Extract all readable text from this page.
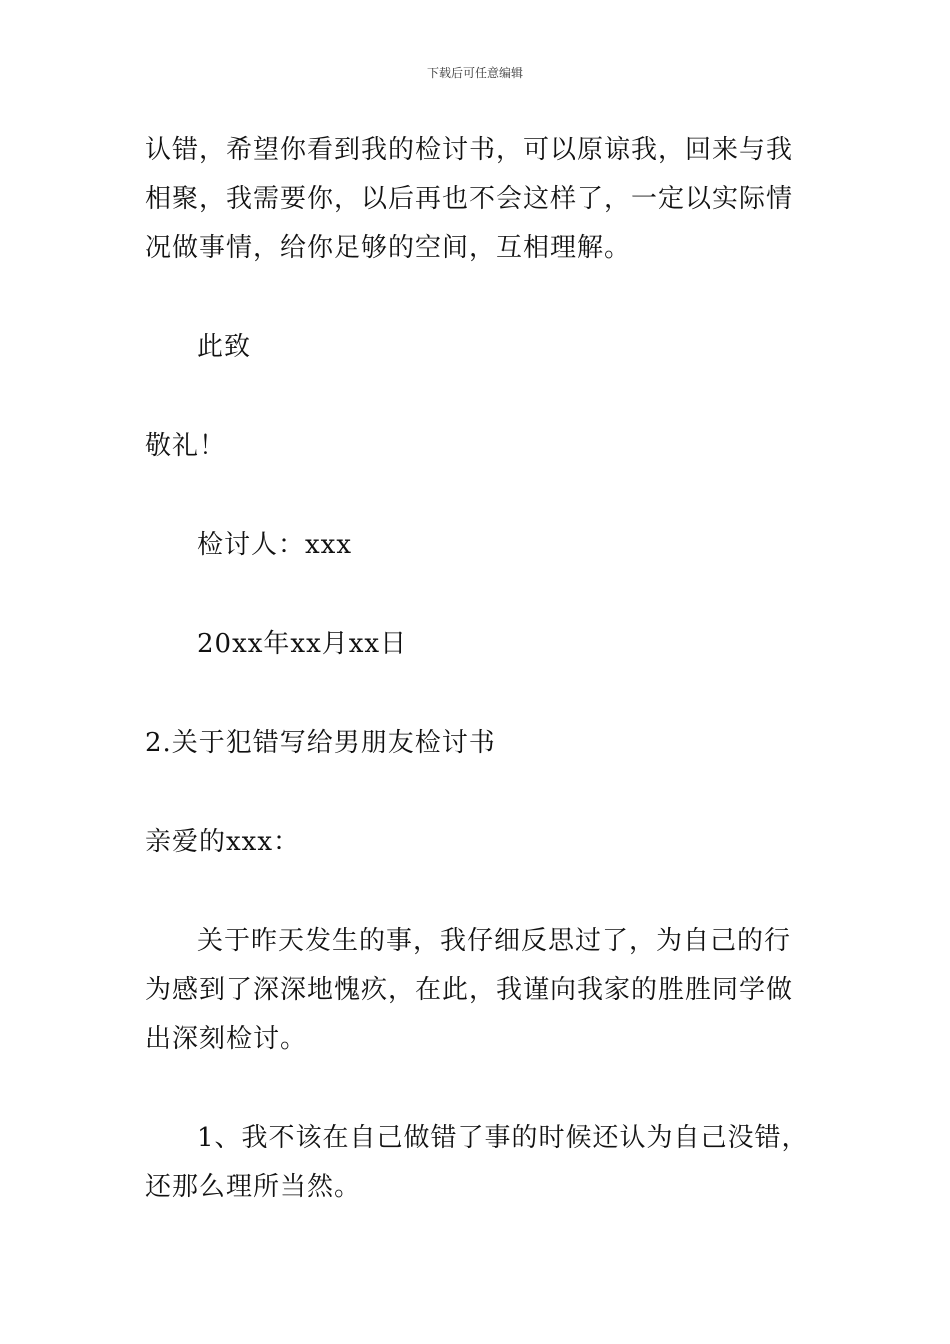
下载后可任意编辑

认错，希望你看到我的检讨书，可以原谅我，回来与我相聚，我需要你，以后再也不会这样了，一定以实际情况做事情，给你足够的空间，互相理解。

此致

敬礼！

检讨人：xxx

20xx年xx月xx日

2.关于犯错写给男朋友检讨书

亲爱的xxx：

关于昨天发生的事，我仔细反思过了，为自己的行为感到了深深地愧疚，在此，我谨向我家的胜胜同学做出深刻检讨。

1、我不该在自己做错了事的时候还认为自己没错，还那么理所当然。
